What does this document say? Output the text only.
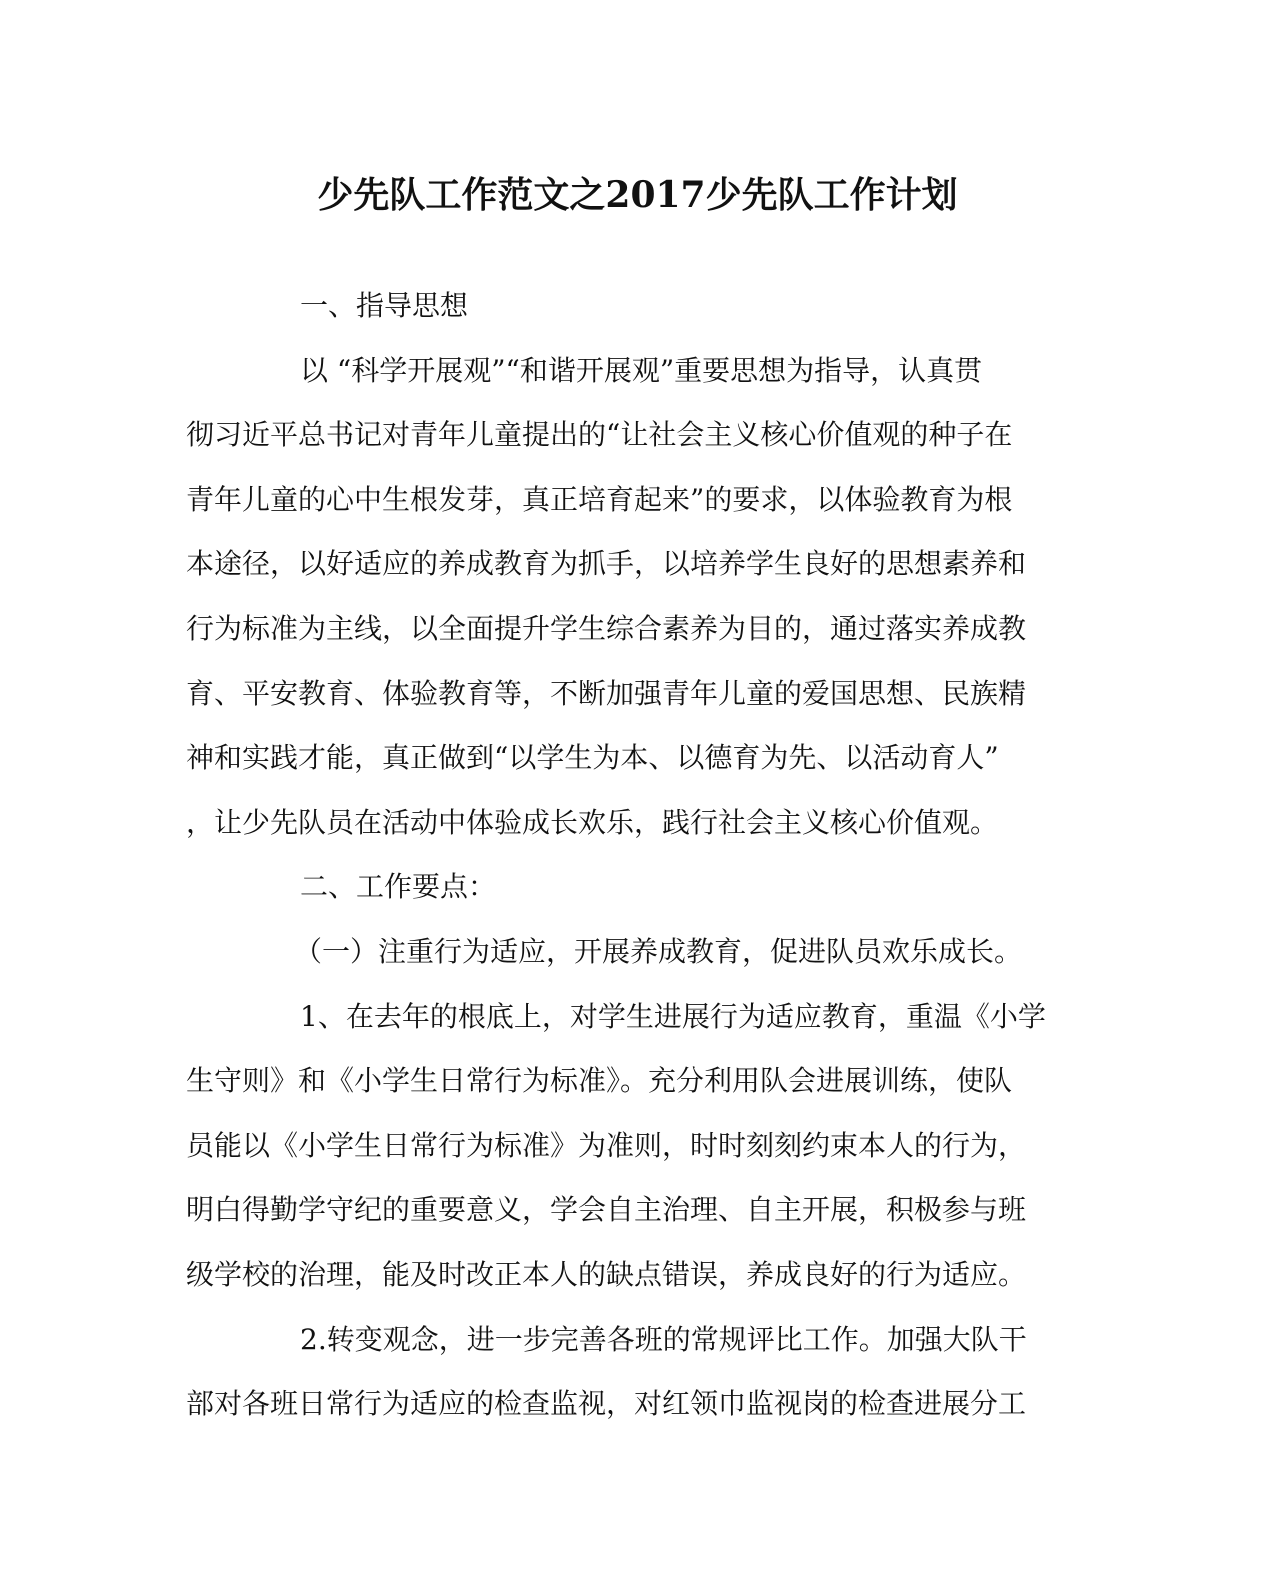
少先队工作范文之2017少先队工作计划
一、指导思想
以 “科学开展观”“和谐开展观”重要思想为指导，认真贯
彻习近平总书记对青年儿童提出的“让社会主义核心价值观的种子在
青年儿童的心中生根发芽，真正培育起来”的要求，以体验教育为根
本途径，以好适应的养成教育为抓手，以培养学生良好的思想素养和
行为标准为主线，以全面提升学生综合素养为目的，通过落实养成教
育、平安教育、体验教育等，不断加强青年儿童的爱国思想、民族精
神和实践才能，真正做到“以学生为本、以德育为先、以活动育人”
，让少先队员在活动中体验成长欢乐，践行社会主义核心价值观。
二、工作要点：
（一）注重行为适应，开展养成教育，促进队员欢乐成长。
1、在去年的根底上，对学生进展行为适应教育，重温《小学
生守则》和《小学生日常行为标准》。充分利用队会进展训练，使队
员能以《小学生日常行为标准》为准则，时时刻刻约束本人的行为，
明白得勤学守纪的重要意义，学会自主治理、自主开展，积极参与班
级学校的治理，能及时改正本人的缺点错误，养成良好的行为适应。
2.转变观念，进一步完善各班的常规评比工作。加强大队干
部对各班日常行为适应的检查监视，对红领巾监视岗的检查进展分工
